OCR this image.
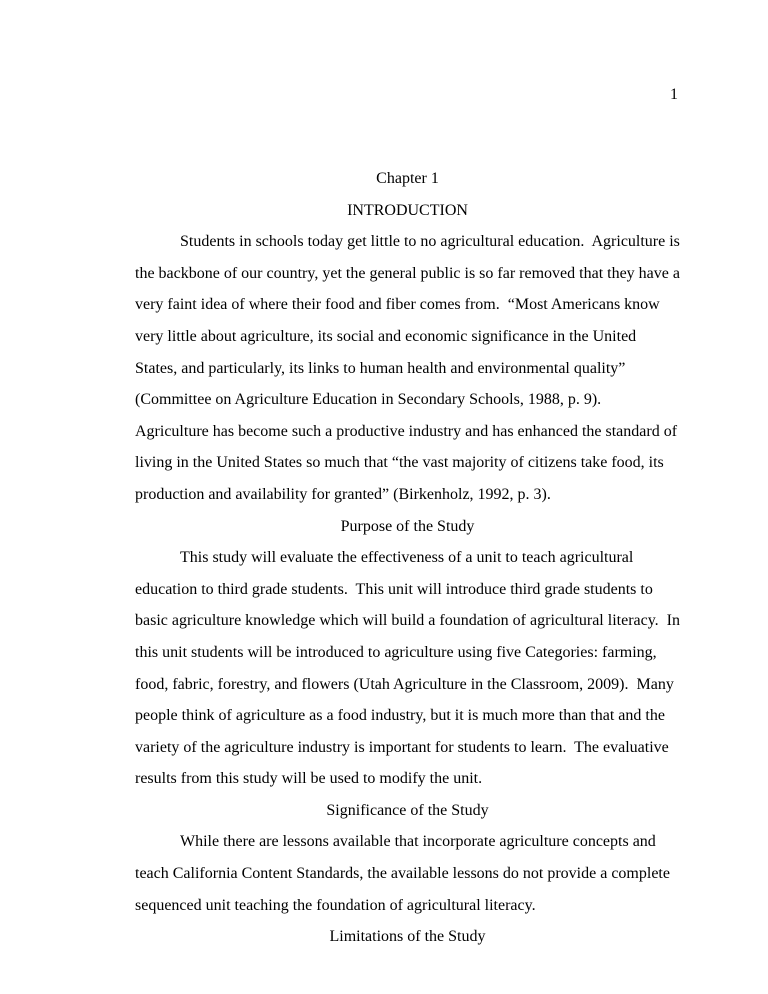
1

Chapter 1

INTRODUCTION

Students in schools today get little to no agricultural education.  Agriculture is the backbone of our country, yet the general public is so far removed that they have a very faint idea of where their food and fiber comes from.  “Most Americans know very little about agriculture, its social and economic significance in the United States, and particularly, its links to human health and environmental quality” (Committee on Agriculture Education in Secondary Schools, 1988, p. 9).  Agriculture has become such a productive industry and has enhanced the standard of living in the United States so much that “the vast majority of citizens take food, its production and availability for granted” (Birkenholz, 1992, p. 3).

Purpose of the Study

This study will evaluate the effectiveness of a unit to teach agricultural education to third grade students.  This unit will introduce third grade students to basic agriculture knowledge which will build a foundation of agricultural literacy.  In this unit students will be introduced to agriculture using five Categories: farming, food, fabric, forestry, and flowers (Utah Agriculture in the Classroom, 2009).  Many people think of agriculture as a food industry, but it is much more than that and the variety of the agriculture industry is important for students to learn.  The evaluative results from this study will be used to modify the unit.

Significance of the Study

While there are lessons available that incorporate agriculture concepts and teach California Content Standards, the available lessons do not provide a complete sequenced unit teaching the foundation of agricultural literacy.

Limitations of the Study
